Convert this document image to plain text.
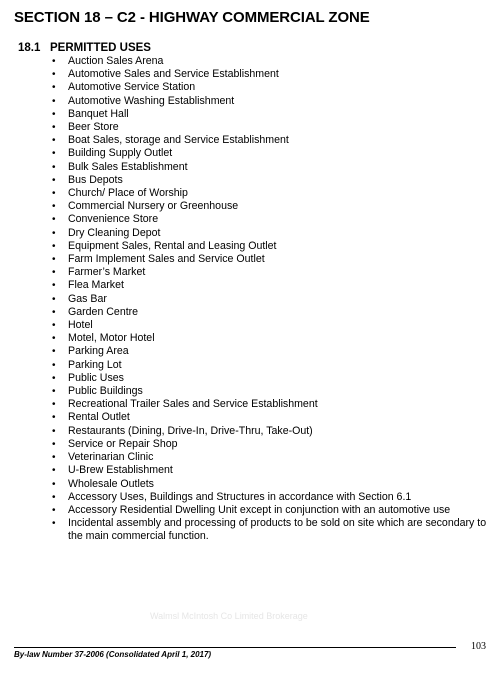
SECTION 18 – C2 - HIGHWAY COMMERCIAL ZONE
18.1 PERMITTED USES
• Auction Sales Arena
• Automotive Sales and Service Establishment
• Automotive Service Station
• Automotive Washing Establishment
• Banquet Hall
• Beer Store
• Boat Sales, storage and Service Establishment
• Building Supply Outlet
• Bulk Sales Establishment
• Bus Depots
• Church/ Place of Worship
• Commercial Nursery or Greenhouse
• Convenience Store
• Dry Cleaning Depot
• Equipment Sales, Rental and Leasing Outlet
• Farm Implement Sales and Service Outlet
• Farmer’s Market
• Flea Market
• Gas Bar
• Garden Centre
• Hotel
• Motel, Motor Hotel
• Parking Area
• Parking Lot
• Public Uses
• Public Buildings
• Recreational Trailer Sales and Service Establishment
• Rental Outlet
• Restaurants (Dining, Drive-In, Drive-Thru, Take-Out)
• Service or Repair Shop
• Veterinarian Clinic
• U-Brew Establishment
• Wholesale Outlets
• Accessory Uses, Buildings and Structures in accordance with Section 6.1
• Accessory Residential Dwelling Unit except in conjunction with an automotive use
• Incidental assembly and processing of products to be sold on site which are secondary to the main commercial function.
Walmsl McIntosh Co Limited Brokerage
103
By-law Number 37-2006 (Consolidated April 1, 2017)
